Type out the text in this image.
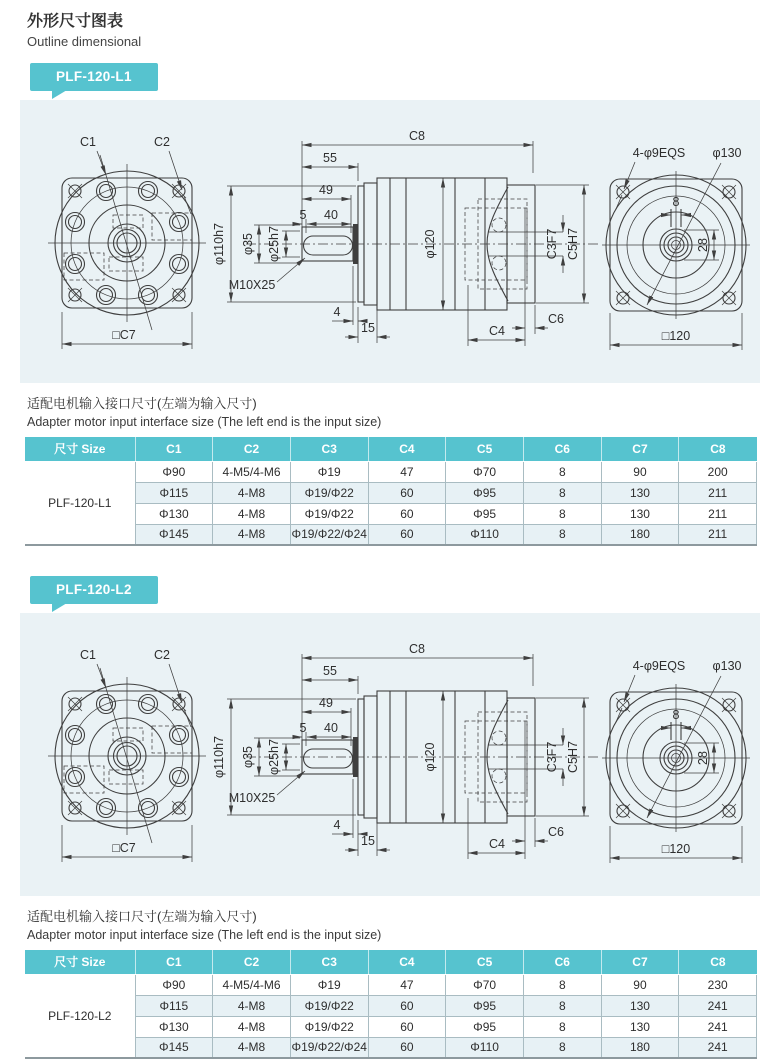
外形尺寸图表
Outline dimensional
PLF-120-L1
适配电机输入接口尺寸(左端为输入尺寸)
Adapter motor input interface size (The left end is the input size)
尺寸 Size	C1	C2	C3	C4	C5	C6	C7	C8
PLF-120-L1	Φ90	4-M5/4-M6	Φ19	47	Φ70	8	90	200
	Φ115	4-M8	Φ19/Φ22	60	Φ95	8	130	211
	Φ130	4-M8	Φ19/Φ22	60	Φ95	8	130	211
	Φ145	4-M8	Φ19/Φ22/Φ24	60	Φ110	8	180	211
PLF-120-L2
适配电机输入接口尺寸(左端为输入尺寸)
Adapter motor input interface size (The left end is the input size)
尺寸 Size	C1	C2	C3	C4	C5	C6	C7	C8
PLF-120-L2	Φ90	4-M5/4-M6	Φ19	47	Φ70	8	90	230
	Φ115	4-M8	Φ19/Φ22	60	Φ95	8	130	241
	Φ130	4-M8	Φ19/Φ22	60	Φ95	8	130	241
	Φ145	4-M8	Φ19/Φ22/Φ24	60	Φ110	8	180	241
